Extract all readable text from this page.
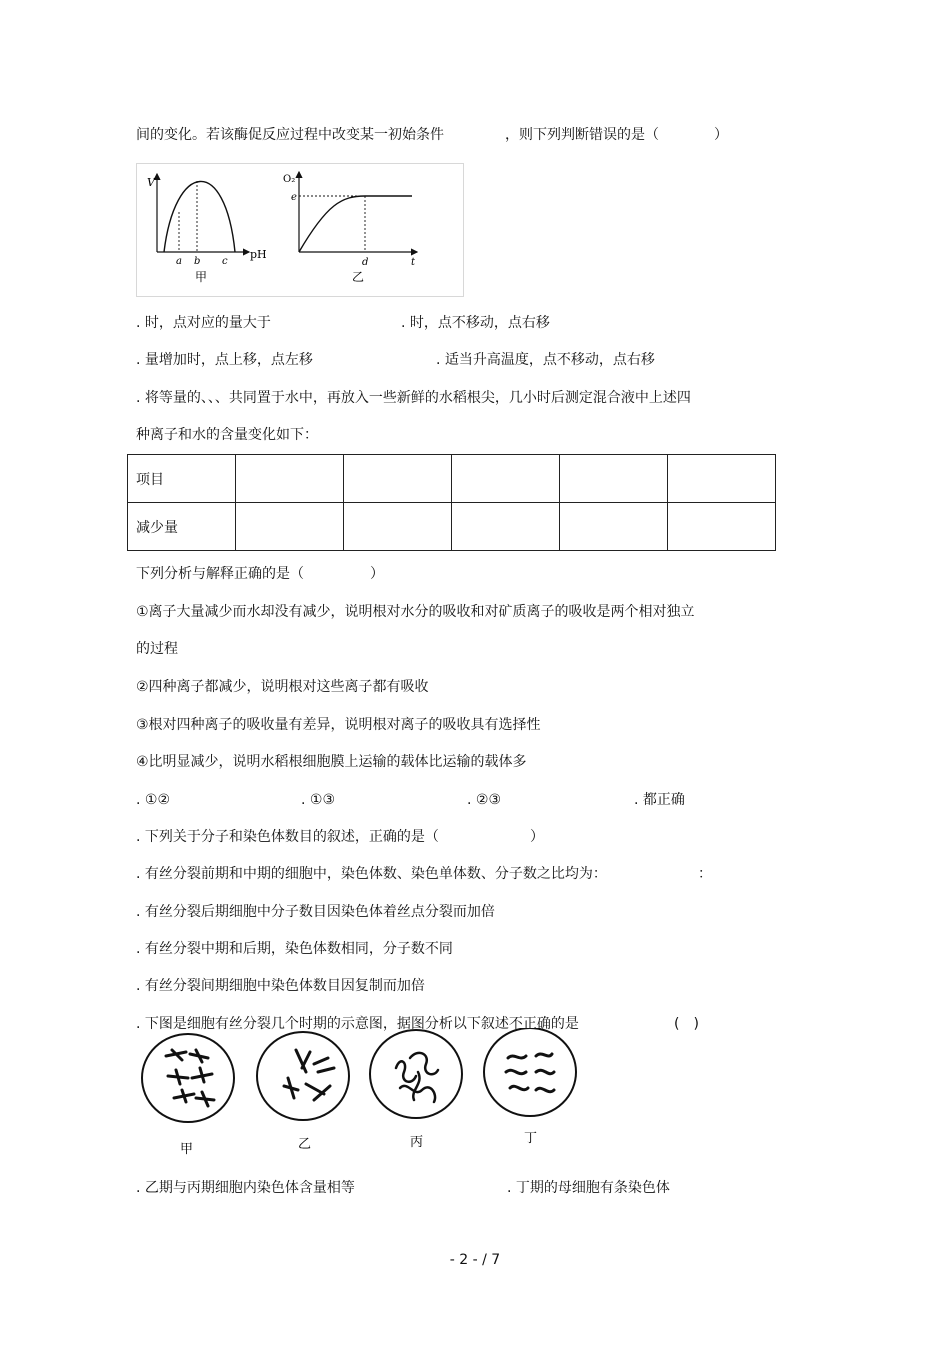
间的变化。若该酶促反应过程中改变某一初始条件	，则下列判断错误的是（	）
V
pH
a b c
甲
O₂
e
d	t
乙
. 时，点对应的量大于	. 时，点不移动，点右移
. 量增加时，点上移，点左移	. 适当升高温度，点不移动，点右移
. 将等量的、、、共同置于水中，再放入一些新鲜的水稻根尖，几小时后测定混合液中上述四
种离子和水的含量变化如下：
项目					
减少量					
下列分析与解释正确的是（	）
①离子大量减少而水却没有减少，说明根对水分的吸收和对矿质离子的吸收是两个相对独立
的过程
②四种离子都减少，说明根对这些离子都有吸收
③根对四种离子的吸收量有差异，说明根对离子的吸收具有选择性
④比明显减少，说明水稻根细胞膜上运输的载体比运输的载体多
. ①②	. ①③	. ②③	. 都正确
. 下列关于分子和染色体数目的叙述，正确的是（	）
. 有丝分裂前期和中期的细胞中，染色体数、染色单体数、分子数之比均为：	：
. 有丝分裂后期细胞中分子数目因染色体着丝点分裂而加倍
. 有丝分裂中期和后期，染色体数相同，分子数不同
. 有丝分裂间期细胞中染色体数目因复制而加倍
. 下图是细胞有丝分裂几个时期的示意图，据图分析以下叙述不正确的是	(　)
甲	乙	丙	丁
. 乙期与丙期细胞内染色体含量相等	. 丁期的母细胞有条染色体
- 2 - / 7
